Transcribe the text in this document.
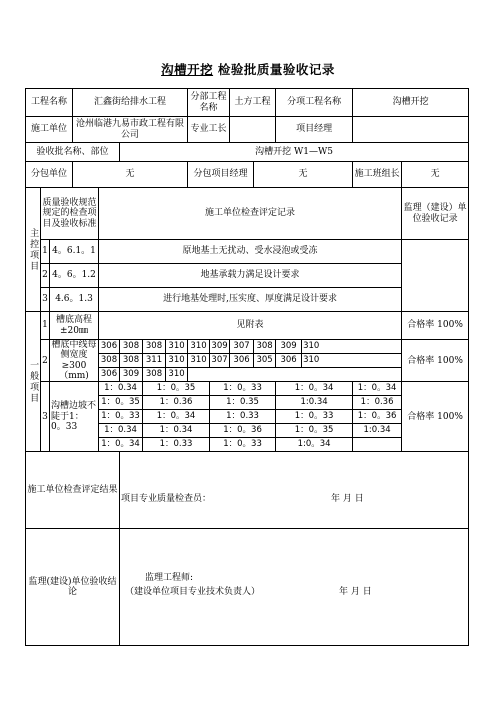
沟槽开挖 检验批质量验收记录
工程名称			汇鑫街给排水工程					分部工程名称		土方工程		分项工程名称		沟槽开挖	
施工单位			沧州临港九易市政工程有限公司					专业工长				项目经理			
验收批名称、部位					沟槽开挖 W1—W5										
分包单位			无					分包项目经理			无			施工班组长	无
主控项目	质量验收规范规定的检查项目及验收标准			施工单位检查评定记录											监理（建设）单位验收记录
	1	4。6.1。1		原地基土无扰动、受水浸泡或受冻											
	2	4。6。1.2		地基承载力满足设计要求											
	3	4.6。1.3		进行地基处理时,压实度、厚度满足设计要求											
一般项目	1	槽底高程±20㎜		见附表											合格率 100%
	2	槽底中线每侧宽度≥300（mm)		306	308	308	310	310	309	307	308	309	310		合格率 100%
				308	308	311	310	310	307	306	305	306	310		
				306	309	308	310								
	3	沟槽边坡不陡于1：0。33		1：0.34		1：0。35			1：0。33			1：0。34		1：0。34	合格率 100%
				1：0。35		1：0.36			1：0.35			1:0.34		1：0.36	
				1：0。33		1：0。34			1：0.33			1：0。33		1：0。36	
				1：0.34		1：0.34			1：0。36			1：0。35		1:0.34	
				1：0。34		1：0.33			1：0。33			1:0。34			
施工单位检查评定结果					项目专业质量检查员： 年 月 日										

监理(建设)单位验收结论					监理工程师:
（建设单位项目专业技术负责人） 年 月 日										
